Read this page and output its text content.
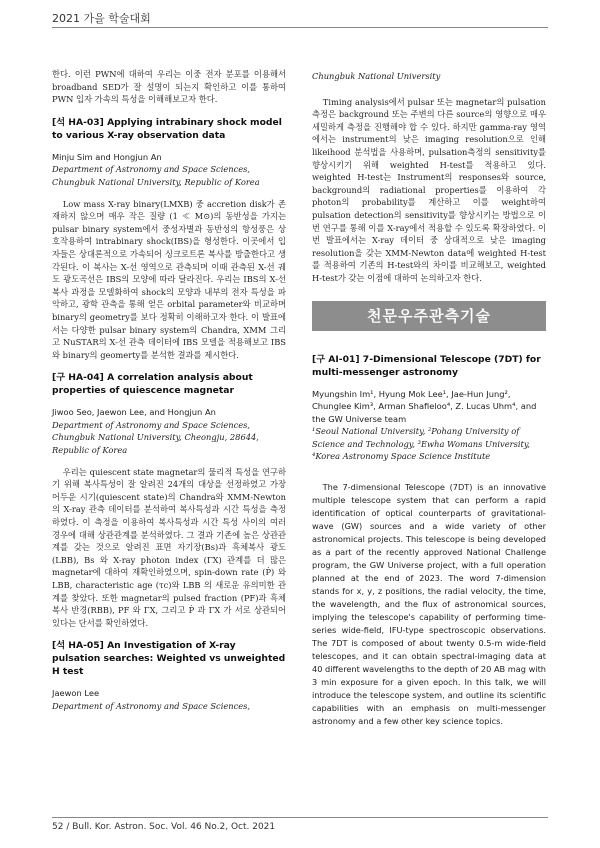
2021 가을 학술대회

한다. 이런 PWN에 대하여 우리는 이중 전자 분포를 이용해서 broadband SED가 잘 설명이 되는지 확인하고 이를 통하여 PWN 입자 가속의 특성을 이해해보고자 한다.

[석 HA-03] Applying intrabinary shock model to various X-ray observation data
Minju Sim and Hongjun An
Department of Astronomy and Space Sciences, Chungbuk National University, Republic of Korea

Low mass X-ray binary(LMXB) 중 accretion disk가 존재하지 않으며 매우 작은 질량 (1 ≪ M⊙)의 동반성을 가지는 pulsar binary system에서 중성자별과 동반성의 항성풍은 상호작용하여 intrabinary shock(IBS)을 형성한다. 이곳에서 입자들은 상대론적으로 가속되어 싱크로트론 복사를 방출한다고 생각된다. 이 복사는 X-선 영역으로 관측되며 이때 관측된 X-선 궤도 광도곡선은 IBS의 모양에 따라 달라진다. 우리는 IBS의 X-선 복사 과정을 모델화하여 shock의 모양과 내부의 전자 특성을 파악하고, 광학 관측을 통해 얻은 orbital parameter와 비교하며 binary의 geometry를 보다 정확히 이해하고자 한다. 이 발표에서는 다양한 pulsar binary system의 Chandra, XMM 그리고 NuSTAR의 X-선 관측 데이터에 IBS 모델을 적용해보고 IBS와 binary의 geomerty를 분석한 결과를 제시한다.

[구 HA-04] A correlation analysis about properties of quiescence magnetar
Jiwoo Seo, Jaewon Lee, and Hongjun An
Department of Astronomy and Space Sciences, Chungbuk National University, Cheongju, 28644, Republic of Korea

우리는 quiescent state magnetar의 물리적 특성을 연구하기 위해 복사특성이 잘 알려진 24개의 대상을 선정하였고 가장 어두운 시기(quiescent state)의 Chandra와 XMM-Newton의 X-ray 관측 데이터를 분석하여 복사특성과 시간 특성을 측정하였다. 이 측정을 이용하여 복사특성과 시간 특성 사이의 여러 경우에 대해 상관관계를 분석하였다. 그 결과 기존에 높은 상관관계를 갖는 것으로 알려진 표면 자기장(Bs)과 흑체복사 광도(LBB), Bs 와 X-ray photon index (ΓX) 관계를 더 많은 magnetar에 대하여 재확인하였으며, spin-down rate (Ṗ) 와 LBB, characteristic age (τc)와 LBB 의 새로운 유의미한 관계를 찾았다. 또한 magnetar의 pulsed fraction (PF)과 흑체복사 반경(RBB), PF 와 ΓX, 그리고 Ṗ 과 ΓX 가 서로 상관되어 있다는 단서를 확인하였다.

[석 HA-05] An Investigation of X-ray pulsation searches: Weighted vs unweighted H test
Jaewon Lee
Department of Astronomy and Space Sciences,
Chungbuk National University

Timing analysis에서 pulsar 또는 magnetar의 pulsation 측정은 background 또는 주변의 다른 source의 영향으로 매우 세밀하게 측정을 진행해야 합 수 있다. 하지만 gamma-ray 영역에서는 instrument의 낮은 imaging resolution으로 인해 likeihood 분석법을 사용하며, pulsation측정의 sensitivity를 향상시키기 위해 weighted H-test를 적용하고 있다. weighted H-test는 Instrument의 responses와 source, background의 radiational properties를 이용하여 각 photon의 probability를 계산하고 이를 weight하여 pulsation detection의 sensitivity를 향상시키는 방법으로 이번 연구를 통해 이를 X-ray에서 적용할 수 있도록 확장하였다. 이번 발표에서는 X-ray 데이터 중 상대적으로 낮은 imaging resolution을 갖는 XMM-Newton data에 weighted H-test를 적용하여 기존의 H-test와의 차이를 비교해보고, weighted H-test가 갖는 이점에 대하여 논의하고자 한다.

천문우주관측기술
[구 AI-01] 7-Dimensional Telescope (7DT) for multi-messenger astronomy
Myungshin Im¹, Hyung Mok Lee¹, Jae-Hun Jung², Chunglee Kim³, Arman Shafieloo⁴, Z. Lucas Uhm⁴, and the GW Universe team
¹Seoul National University, ²Pohang University of Science and Technology, ³Ewha Womans University, ⁴Korea Astronomy Space Science Institute

The 7-dimensional Telescope (7DT) is an innovative multiple telescope system that can perform a rapid identification of optical counterparts of gravitational-wave (GW) sources and a wide variety of other astronomical projects. This telescope is being developed as a part of the recently approved National Challenge program, the GW Universe project, with a full operation planned at the end of 2023. The word 7-dimension stands for x, y, z positions, the radial velocity, the time, the wavelength, and the flux of astronomical sources, implying the telescope's capability of performing time-series wide-field, IFU-type spectroscopic observations. The 7DT is composed of about twenty 0.5-m wide-field telescopes, and it can obtain spectral-imaging data at 40 different wavelengths to the depth of 20 AB mag with 3 min exposure for a given epoch. In this talk, we will introduce the telescope system, and outline its scientific capabilities with an emphasis on multi-messenger astronomy and a few other key science topics.

52 / Bull. Kor. Astron. Soc. Vol. 46 No.2, Oct. 2021
